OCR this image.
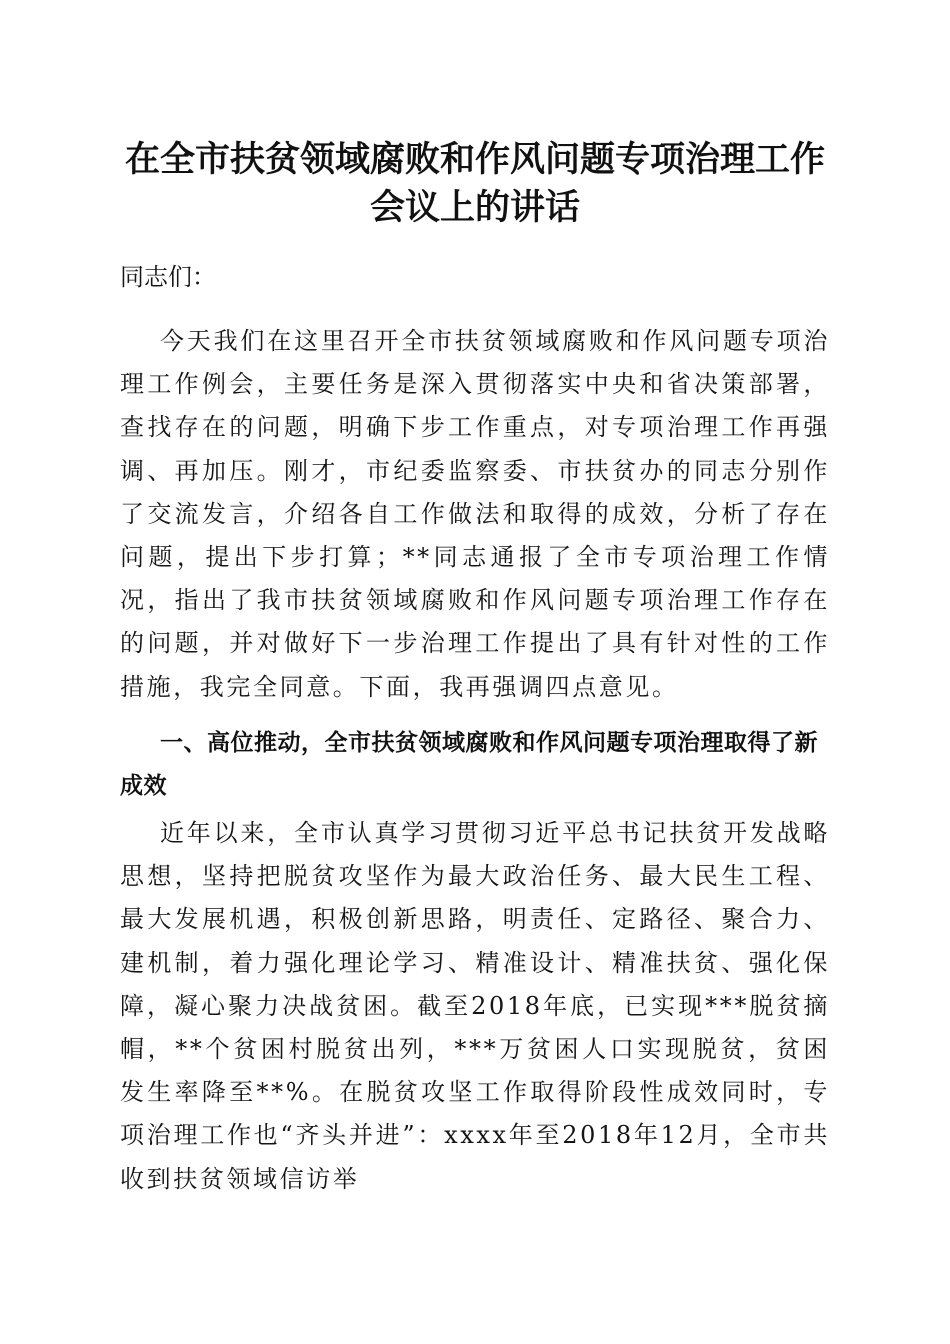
在全市扶贫领域腐败和作风问题专项治理工作
会议上的讲话

同志们：

今天我们在这里召开全市扶贫领域腐败和作风问题专项治理工作例会，主要任务是深入贯彻落实中央和省决策部署，查找存在的问题，明确下步工作重点，对专项治理工作再强调、再加压。刚才，市纪委监察委、市扶贫办的同志分别作了交流发言，介绍各自工作做法和取得的成效，分析了存在问题，提出下步打算；**同志通报了全市专项治理工作情况，指出了我市扶贫领域腐败和作风问题专项治理工作存在的问题，并对做好下一步治理工作提出了具有针对性的工作措施，我完全同意。下面，我再强调四点意见。

一、高位推动，全市扶贫领域腐败和作风问题专项治理取得了新成效

近年以来，全市认真学习贯彻习近平总书记扶贫开发战略思想，坚持把脱贫攻坚作为最大政治任务、最大民生工程、最大发展机遇，积极创新思路，明责任、定路径、聚合力、建机制，着力强化理论学习、精准设计、精准扶贫、强化保障，凝心聚力决战贫困。截至2018年底，已实现***脱贫摘帽，**个贫困村脱贫出列，***万贫困人口实现脱贫，贫困发生率降至**%。在脱贫攻坚工作取得阶段性成效同时，专项治理工作也“齐头并进”：xxxx年至2018年12月，全市共收到扶贫领域信访举
